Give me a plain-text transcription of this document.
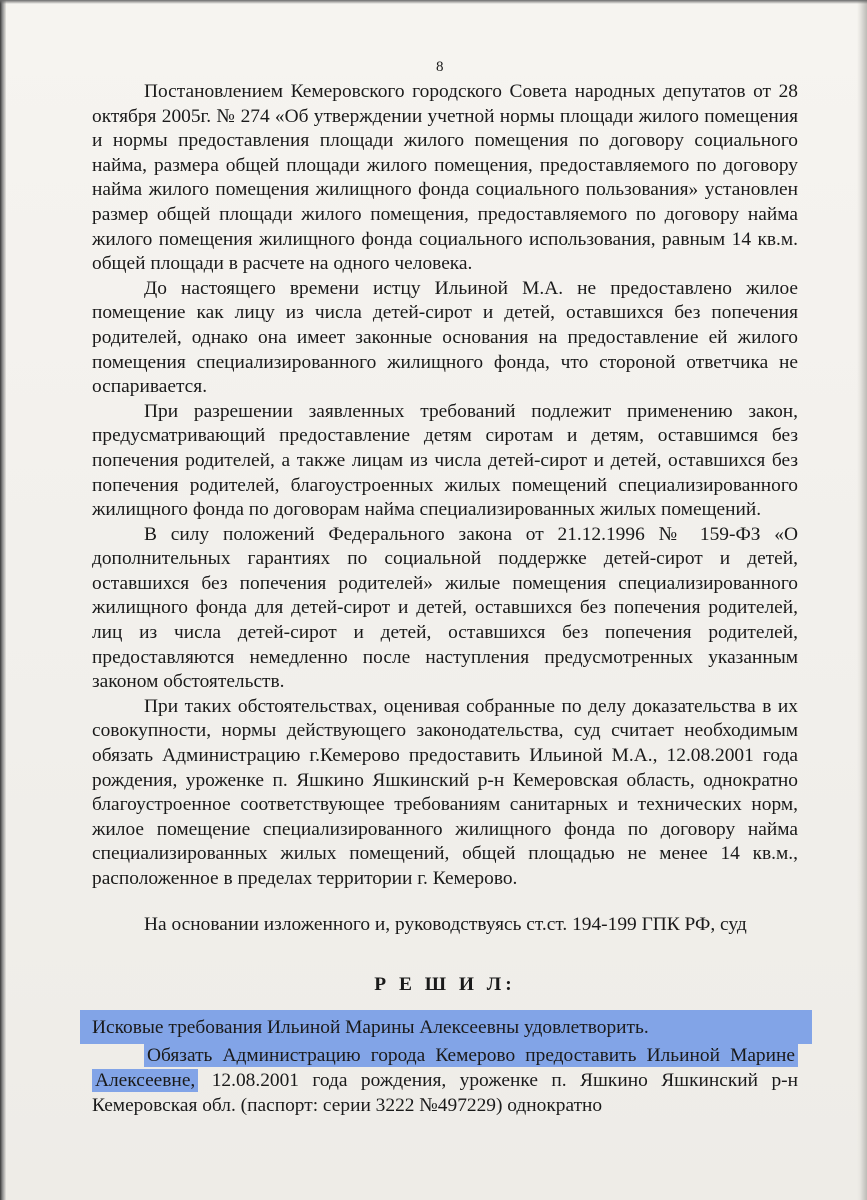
8

Постановлением Кемеровского городского Совета народных депутатов от 28 октября 2005г. № 274 «Об утверждении учетной нормы площади жилого помещения и нормы предоставления площади жилого помещения по договору социального найма, размера общей площади жилого помещения, предоставляемого по договору найма жилого помещения жилищного фонда социального пользования» установлен размер общей площади жилого помещения, предоставляемого по договору найма жилого помещения жилищного фонда социального использования, равным 14 кв.м. общей площади в расчете на одного человека.

До настоящего времени истцу Ильиной М.А. не предоставлено жилое помещение как лицу из числа детей-сирот и детей, оставшихся без попечения родителей, однако она имеет законные основания на предоставление ей жилого помещения специализированного жилищного фонда, что стороной ответчика не оспаривается.

При разрешении заявленных требований подлежит применению закон, предусматривающий предоставление детям сиротам и детям, оставшимся без попечения родителей, а также лицам из числа детей-сирот и детей, оставшихся без попечения родителей, благоустроенных жилых помещений специализированного жилищного фонда по договорам найма специализированных жилых помещений.

В силу положений Федерального закона от 21.12.1996 № 159-ФЗ «О дополнительных гарантиях по социальной поддержке детей-сирот и детей, оставшихся без попечения родителей» жилые помещения специализированного жилищного фонда для детей-сирот и детей, оставшихся без попечения родителей, лиц из числа детей-сирот и детей, оставшихся без попечения родителей, предоставляются немедленно после наступления предусмотренных указанным законом обстоятельств.

При таких обстоятельствах, оценивая собранные по делу доказательства в их совокупности, нормы действующего законодательства, суд считает необходимым обязать Администрацию г.Кемерово предоставить Ильиной М.А., 12.08.2001 года рождения, уроженке п. Яшкино Яшкинский р-н Кемеровская область, однократно благоустроенное соответствующее требованиям санитарных и технических норм, жилое помещение специализированного жилищного фонда по договору найма специализированных жилых помещений, общей площадью не менее 14 кв.м., расположенное в пределах территории г. Кемерово.

На основании изложенного и, руководствуясь ст.ст. 194-199 ГПК РФ, суд

Р Е Ш И Л:

Исковые требования Ильиной Марины Алексеевны удовлетворить.

Обязать Администрацию города Кемерово предоставить Ильиной Марине Алексеевне, 12.08.2001 года рождения, уроженке п. Яшкино Яшкинский р-н Кемеровская обл. (паспорт: серии 3222 №497229) однократно
